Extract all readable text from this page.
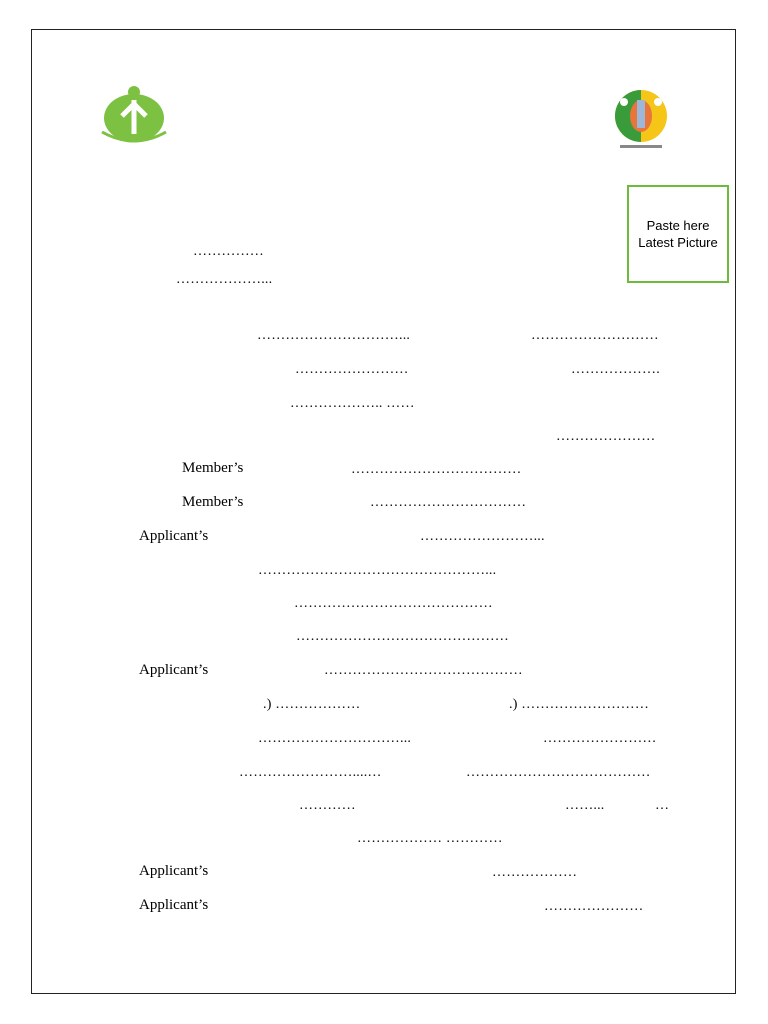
Paste here
Latest Picture
……………
………………...
…………………………...	………………………
……………………	……………….
……………….. ……
…………………
Member’s	………………………………
Member’s	……………………………
Applicant’s	……………………...
…………………………………………...
……………………………………
………………………………………
Applicant’s	……………………………………
.) ………………	.) ………………………
…………………………...	……………………
……………………....…	…………………………………
…………	……...	…
……………… …………
Applicant’s	………………
Applicant’s	…………………
